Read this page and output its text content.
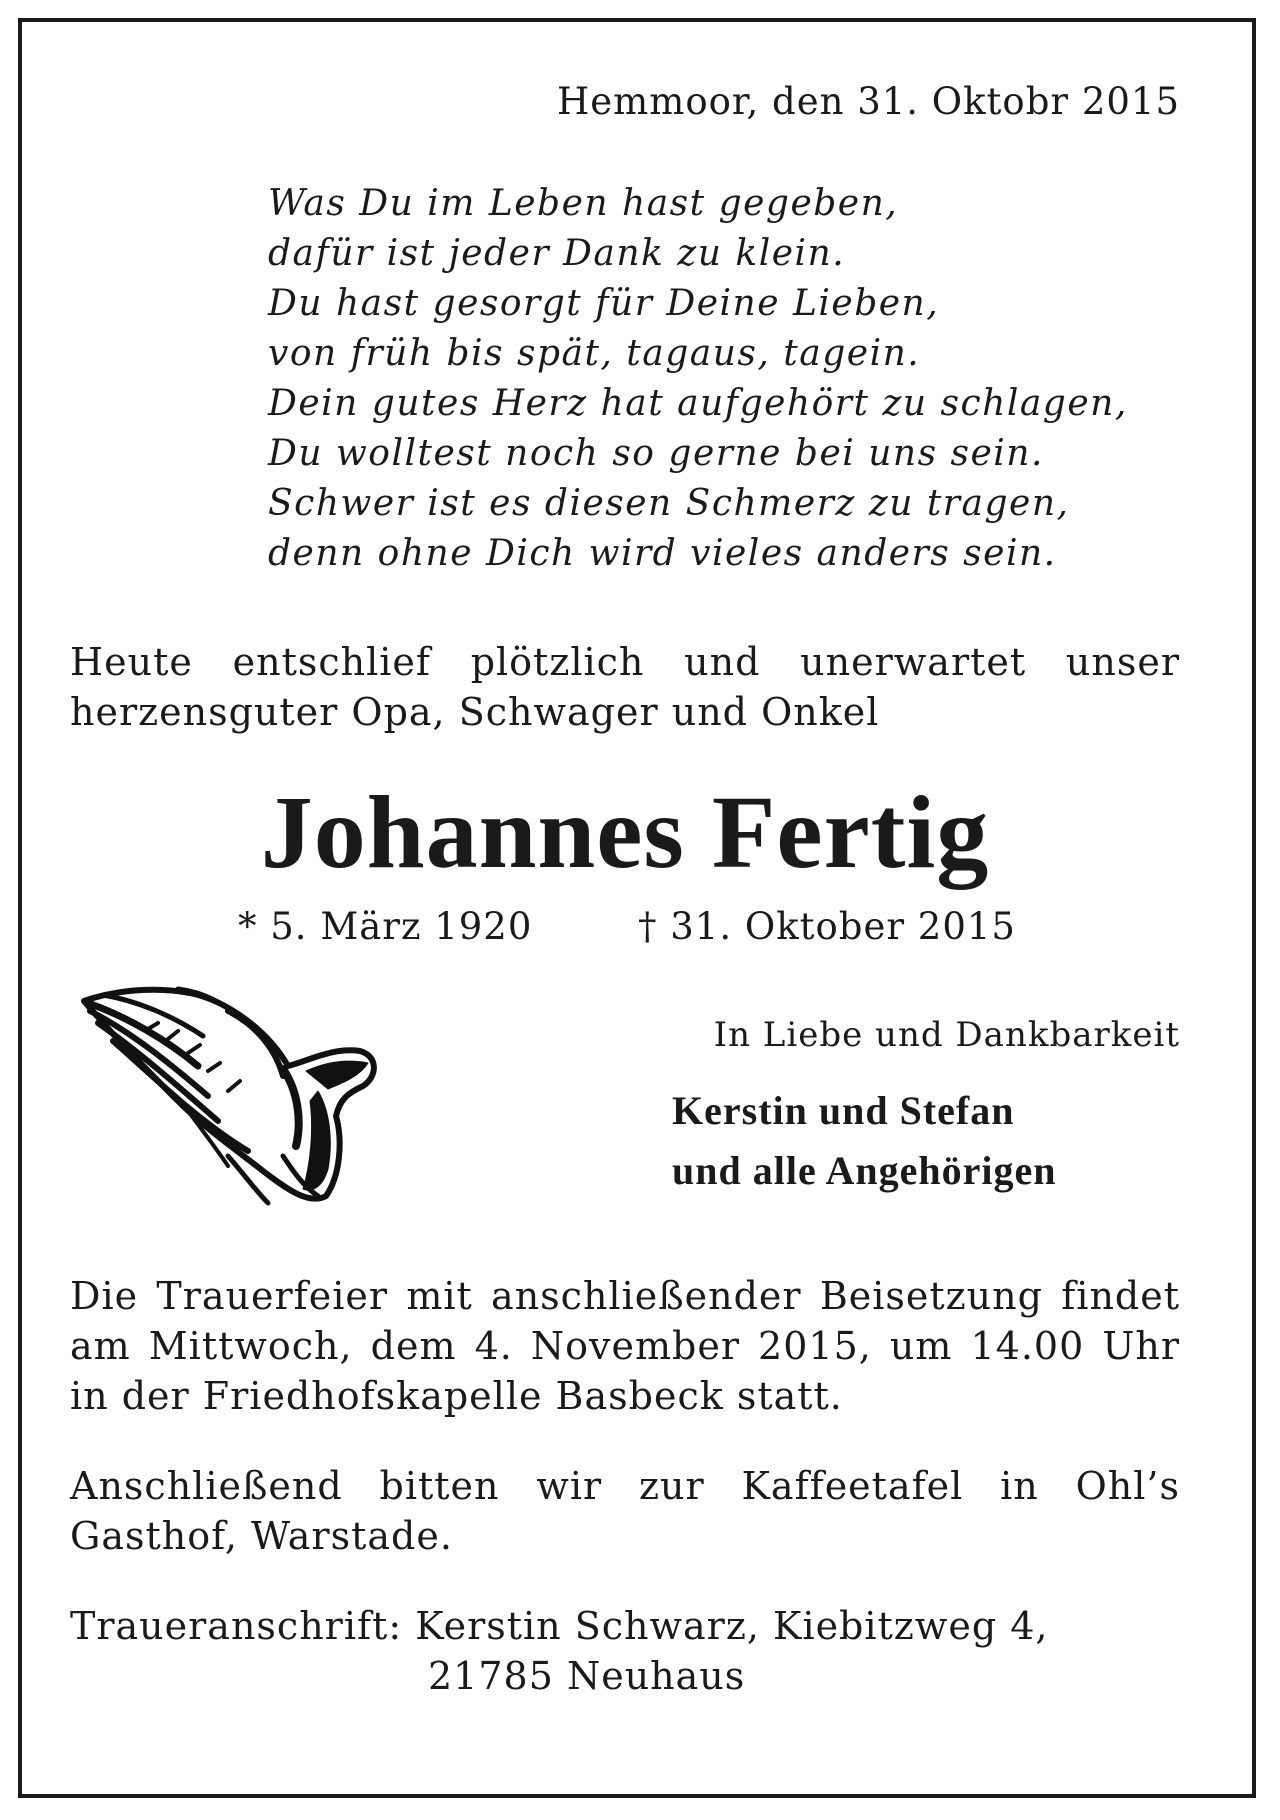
Hemmoor, den 31. Oktobr 2015
Was Du im Leben hast gegeben,
dafür ist jeder Dank zu klein.
Du hast gesorgt für Deine Lieben,
von früh bis spät, tagaus, tagein.
Dein gutes Herz hat aufgehört zu schlagen,
Du wolltest noch so gerne bei uns sein.
Schwer ist es diesen Schmerz zu tragen,
denn ohne Dich wird vieles anders sein.
Heute entschlief plötzlich und unerwartet unser herzensguter Opa, Schwager und Onkel
Johannes Fertig
* 5. März 1920	† 31. Oktober 2015
In Liebe und Dankbarkeit
Kerstin und Stefan
und alle Angehörigen
Die Trauerfeier mit anschließender Beisetzung findet am Mittwoch, dem 4. November 2015, um 14.00 Uhr in der Friedhofskapelle Basbeck statt.
Anschließend bitten wir zur Kaffeetafel in Ohl’s Gasthof, Warstade.
Traueranschrift: Kerstin Schwarz, Kiebitzweg 4,
21785 Neuhaus
